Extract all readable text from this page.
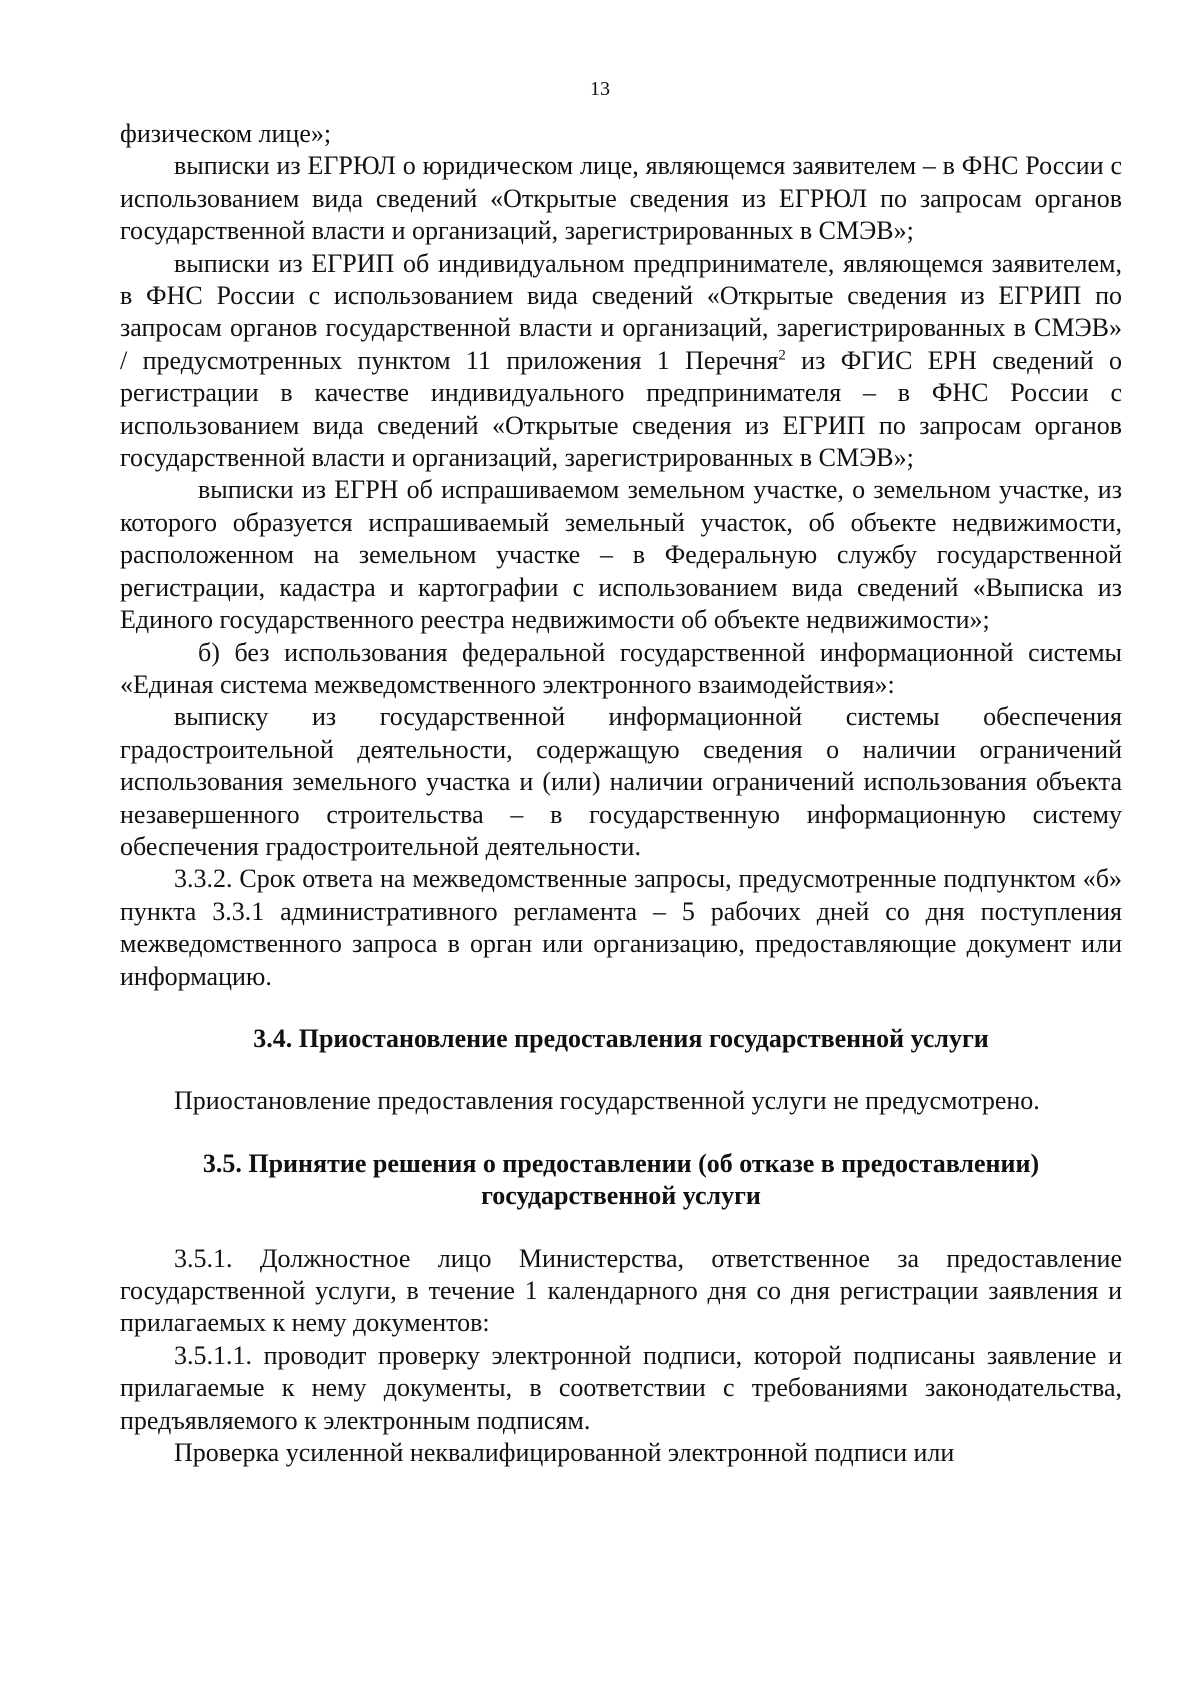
13

физическом лице»;

выписки из ЕГРЮЛ о юридическом лице, являющемся заявителем – в ФНС России с использованием вида сведений «Открытые сведения из ЕГРЮЛ по запросам органов государственной власти и организаций, зарегистрированных в СМЭВ»;

выписки из ЕГРИП об индивидуальном предпринимателе, являющемся заявителем, в ФНС России с использованием вида сведений «Открытые сведения из ЕГРИП по запросам органов государственной власти и организаций, зарегистрированных в СМЭВ» / предусмотренных пунктом 11 приложения 1 Перечня$^2$ из ФГИС ЕРН сведений о регистрации в качестве индивидуального предпринимателя – в ФНС России с использованием вида сведений «Открытые сведения из ЕГРИП по запросам органов государственной власти и организаций, зарегистрированных в СМЭВ»;

выписки из ЕГРН об испрашиваемом земельном участке, о земельном участке, из которого образуется испрашиваемый земельный участок, об объекте недвижимости, расположенном на земельном участке – в Федеральную службу государственной регистрации, кадастра и картографии с использованием вида сведений «Выписка из Единого государственного реестра недвижимости об объекте недвижимости»;

б) без использования федеральной государственной информационной системы «Единая система межведомственного электронного взаимодействия»:

выписку из государственной информационной системы обеспечения градостроительной деятельности, содержащую сведения о наличии ограничений использования земельного участка и (или) наличии ограничений использования объекта незавершенного строительства – в государственную информационную систему обеспечения градостроительной деятельности.

3.3.2. Срок ответа на межведомственные запросы, предусмотренные подпунктом «б» пункта 3.3.1 административного регламента – 5 рабочих дней со дня поступления межведомственного запроса в орган или организацию, предоставляющие документ или информацию.

3.4. Приостановление предоставления государственной услуги

Приостановление предоставления государственной услуги не предусмотрено.

3.5. Принятие решения о предоставлении (об отказе в предоставлении)

государственной услуги

3.5.1. Должностное лицо Министерства, ответственное за предоставление государственной услуги, в течение 1 календарного дня со дня регистрации заявления и прилагаемых к нему документов:

3.5.1.1. проводит проверку электронной подписи, которой подписаны заявление и прилагаемые к нему документы, в соответствии с требованиями законодательства, предъявляемого к электронным подписям.

Проверка усиленной неквалифицированной электронной подписи или
